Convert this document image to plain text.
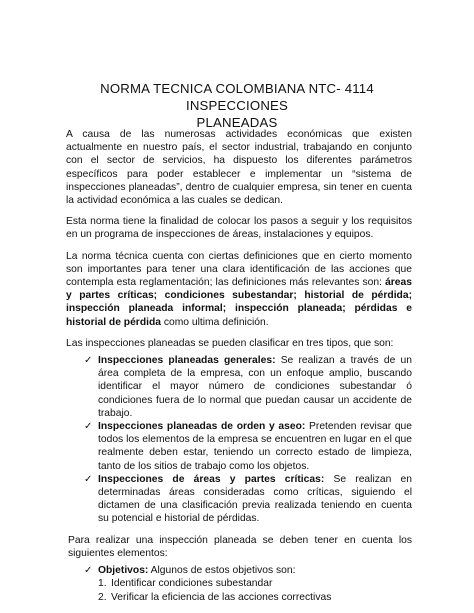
NORMA TECNICA COLOMBIANA NTC- 4114 INSPECCIONES
PLANEADAS

A causa de las numerosas actividades económicas que existen actualmente en nuestro país, el sector industrial, trabajando en conjunto con el sector de servicios, ha dispuesto los diferentes parámetros específicos para poder establecer e implementar un “sistema de inspecciones planeadas”, dentro de cualquier empresa, sin tener en cuenta la actividad económica a las cuales se dedican.

Esta norma tiene la finalidad de colocar los pasos a seguir y los requisitos en un programa de inspecciones de áreas, instalaciones y equipos.

La norma técnica cuenta con ciertas definiciones que en cierto momento son importantes para tener una clara identificación de las acciones que contempla esta reglamentación; las definiciones más relevantes son: áreas y partes críticas; condiciones subestandar; historial de pérdida; inspección planeada informal; inspección planeada; pérdidas e historial de pérdida como ultima definición.

Las inspecciones planeadas se pueden clasificar en tres tipos, que son:

✓ Inspecciones planeadas generales: Se realizan a través de un área completa de la empresa, con un enfoque amplio, buscando identificar el mayor número de condiciones subestandar ó condiciones fuera de lo normal que puedan causar un accidente de trabajo.
✓ Inspecciones planeadas de orden y aseo: Pretenden revisar que todos los elementos de la empresa se encuentren en lugar en el que realmente deben estar, teniendo un correcto estado de limpieza, tanto de los sitios de trabajo como los objetos.
✓ Inspecciones de áreas y partes críticas: Se realizan en determinadas áreas consideradas como críticas, siguiendo el dictamen de una clasificación previa realizada teniendo en cuenta su potencial e historial de pérdidas.

Para realizar una inspección planeada se deben tener en cuenta los siguientes elementos:

✓ Objetivos: Algunos de estos objetivos son:
1. Identificar condiciones subestandar
2. Verificar la eficiencia de las acciones correctivas
